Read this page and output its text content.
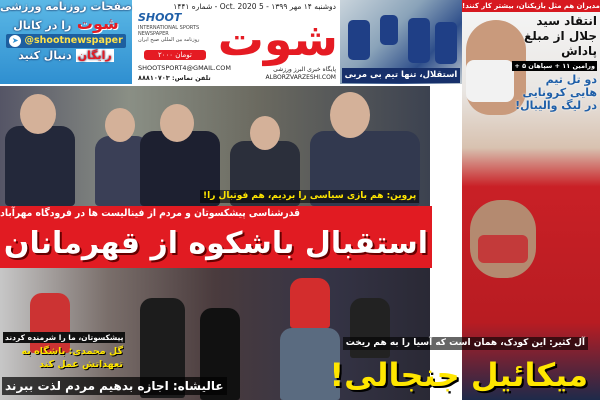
صفحات روزنامه ورزشی
شوت را در کانال
➤ @shootnewspaper
رایگان دنبال کنید
دوشنبه ۱۴ مهر ۱۳۹۹ - 5 Oct. 2020 - شماره ۱۴۴۱
SHOOT
INTERNATIONAL SPORTS NEWSPAPER
روزنامه بین المللی صبح ایران شوت
۲۰۰۰ تومان
SHOOTSPORT4@GMAIL.COM
تلفن تماس: ۸۸۸۱۰۷۰۳
پایگاه خبری البرز ورزشی
ALBORZVARZESHI.COM	استقلال، تنها تیم بی مربی
مدیران هم مثل بازیکنان، بیشتر کار کنند!
انتقاد سید جلال از مبلغ پاداش
ورامین ۱۱ + سپاهان ۵ +
دو تل تیم هایی کرونایی در لیگ والیبال!
پروین: هم بازی سیاسی را بردیم، هم فوتبال را!
قدرشناسی پیشکسوتان و مردم از فینالیست ها در فرودگاه مهرآباد
استقبال باشکوه از قهرمانان
پیشکسوتان، ما را شرمنده کردند
گل محمدی: باشگاه به تعهداتش عمل کند
عالیشاه: اجازه بدهیم مردم لذت ببرند
آل کثیر: این کودک، همان است که آسیا را به هم ریخت
میکائیل جنجالی!
